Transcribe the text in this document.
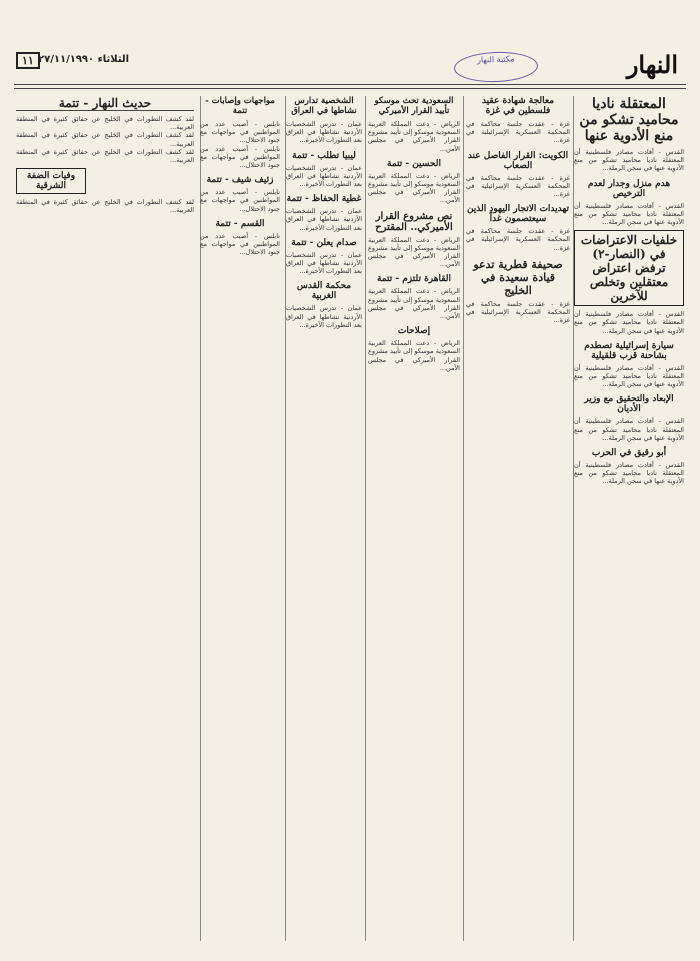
النهار
مكتبة النهار
الثلاثاء ٢٧/١١/١٩٩٠
١١
المعتقلة ناديا محاميد تشكو من منع الأدوية عنها
القدس - أفادت مصادر فلسطينية أن المعتقلة ناديا محاميد تشكو من منع الأدوية عنها في سجن الرملة...
هدم منزل وجدار لعدم الترخيص
القدس - أفادت مصادر فلسطينية أن المعتقلة ناديا محاميد تشكو من منع الأدوية عنها في سجن الرملة...
خلفيات الاعتراضات في (النصار-٢) ترفض اعتراض معتقلين وتخلص للآخرين
القدس - أفادت مصادر فلسطينية أن المعتقلة ناديا محاميد تشكو من منع الأدوية عنها في سجن الرملة...
سيارة إسرائيلية تصطدم بشاحنة قرب قلقيلية
القدس - أفادت مصادر فلسطينية أن المعتقلة ناديا محاميد تشكو من منع الأدوية عنها في سجن الرملة...
الإبعاد والتحقيق مع وزير الأديان
القدس - أفادت مصادر فلسطينية أن المعتقلة ناديا محاميد تشكو من منع الأدوية عنها في سجن الرملة...
أبو رقيق في الحرب
القدس - أفادت مصادر فلسطينية أن المعتقلة ناديا محاميد تشكو من منع الأدوية عنها في سجن الرملة...
معالجة شهادة عقيد فلسطين في غزة
غزة - عقدت جلسة محاكمة في المحكمة العسكرية الإسرائيلية في غزة...
الكويت: القرار الفاصل عند الصعاب
غزة - عقدت جلسة محاكمة في المحكمة العسكرية الإسرائيلية في غزة...
تهديدات الاتجار اليهود الذين سيعتصمون غداً
غزة - عقدت جلسة محاكمة في المحكمة العسكرية الإسرائيلية في غزة...
صحيفة قطرية تدعو قيادة سعيدة في الخليج
غزة - عقدت جلسة محاكمة في المحكمة العسكرية الإسرائيلية في غزة...
السعودية تحث موسكو تأييد القرار الأميركي
الرياض - دعت المملكة العربية السعودية موسكو إلى تأييد مشروع القرار الأميركي في مجلس الأمن...
الحسين - تتمة
الرياض - دعت المملكة العربية السعودية موسكو إلى تأييد مشروع القرار الأميركي في مجلس الأمن...
نص مشروع القرار الأميركي.. المقترح
الرياض - دعت المملكة العربية السعودية موسكو إلى تأييد مشروع القرار الأميركي في مجلس الأمن...
القاهرة تلتزم - تتمة
الرياض - دعت المملكة العربية السعودية موسكو إلى تأييد مشروع القرار الأميركي في مجلس الأمن...
إصلاحات
الرياض - دعت المملكة العربية السعودية موسكو إلى تأييد مشروع القرار الأميركي في مجلس الأمن...
الشخصية تدارس نشاطها في العراق
عمان - تدرس الشخصيات الأردنية نشاطها في العراق بعد التطورات الأخيرة...
ليبيا تطلب - تتمة
عمان - تدرس الشخصيات الأردنية نشاطها في العراق بعد التطورات الأخيرة...
غطية الحفاظ - تتمة
عمان - تدرس الشخصيات الأردنية نشاطها في العراق بعد التطورات الأخيرة...
صدام يعلن - تتمة
عمان - تدرس الشخصيات الأردنية نشاطها في العراق بعد التطورات الأخيرة...
محكمة القدس الغربية
عمان - تدرس الشخصيات الأردنية نشاطها في العراق بعد التطورات الأخيرة...
مواجهات وإصابات - تتمة
نابلس - أصيب عدد من المواطنين في مواجهات مع جنود الاحتلال...
نابلس - أصيب عدد من المواطنين في مواجهات مع جنود الاحتلال...
زئيف شيف - تتمة
نابلس - أصيب عدد من المواطنين في مواجهات مع جنود الاحتلال...
القسم - تتمة
نابلس - أصيب عدد من المواطنين في مواجهات مع جنود الاحتلال...
حديث النهار - تتمة
لقد كشف التطورات في الخليج عن حقائق كثيرة في المنطقة العربية...
لقد كشف التطورات في الخليج عن حقائق كثيرة في المنطقة العربية...
لقد كشف التطورات في الخليج عن حقائق كثيرة في المنطقة العربية...
وفيات الضفة الشرقية
لقد كشف التطورات في الخليج عن حقائق كثيرة في المنطقة العربية...
